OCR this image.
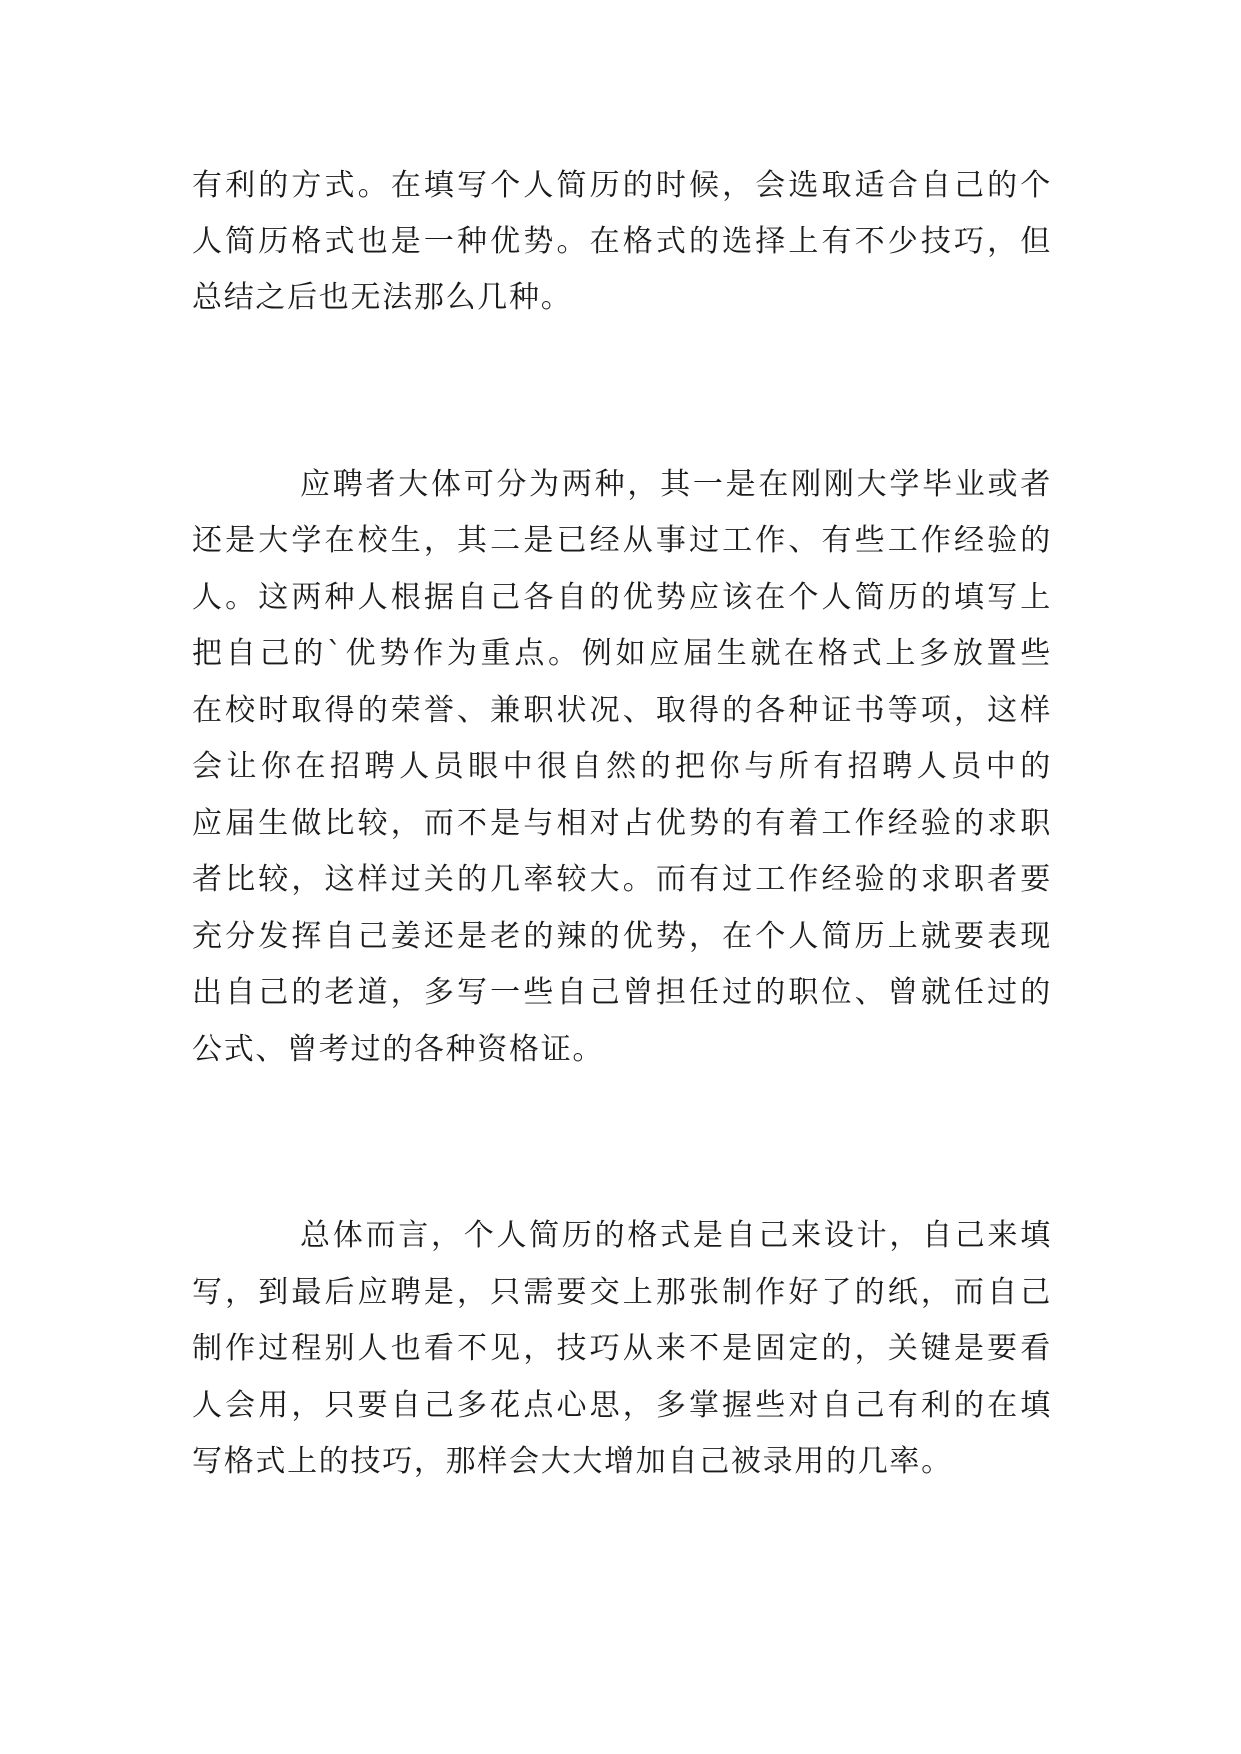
有利的方式。在填写个人简历的时候，会选取适合自己的个
人简历格式也是一种优势。在格式的选择上有不少技巧，但
总结之后也无法那么几种。
应聘者大体可分为两种，其一是在刚刚大学毕业或者
还是大学在校生，其二是已经从事过工作、有些工作经验的
人。这两种人根据自己各自的优势应该在个人简历的填写上
把自己的`优势作为重点。例如应届生就在格式上多放置些
在校时取得的荣誉、兼职状况、取得的各种证书等项，这样
会让你在招聘人员眼中很自然的把你与所有招聘人员中的
应届生做比较，而不是与相对占优势的有着工作经验的求职
者比较，这样过关的几率较大。而有过工作经验的求职者要
充分发挥自己姜还是老的辣的优势，在个人简历上就要表现
出自己的老道，多写一些自己曾担任过的职位、曾就任过的
公式、曾考过的各种资格证。
总体而言，个人简历的格式是自己来设计，自己来填
写，到最后应聘是，只需要交上那张制作好了的纸，而自己
制作过程别人也看不见，技巧从来不是固定的，关键是要看
人会用，只要自己多花点心思，多掌握些对自己有利的在填
写格式上的技巧，那样会大大增加自己被录用的几率。
